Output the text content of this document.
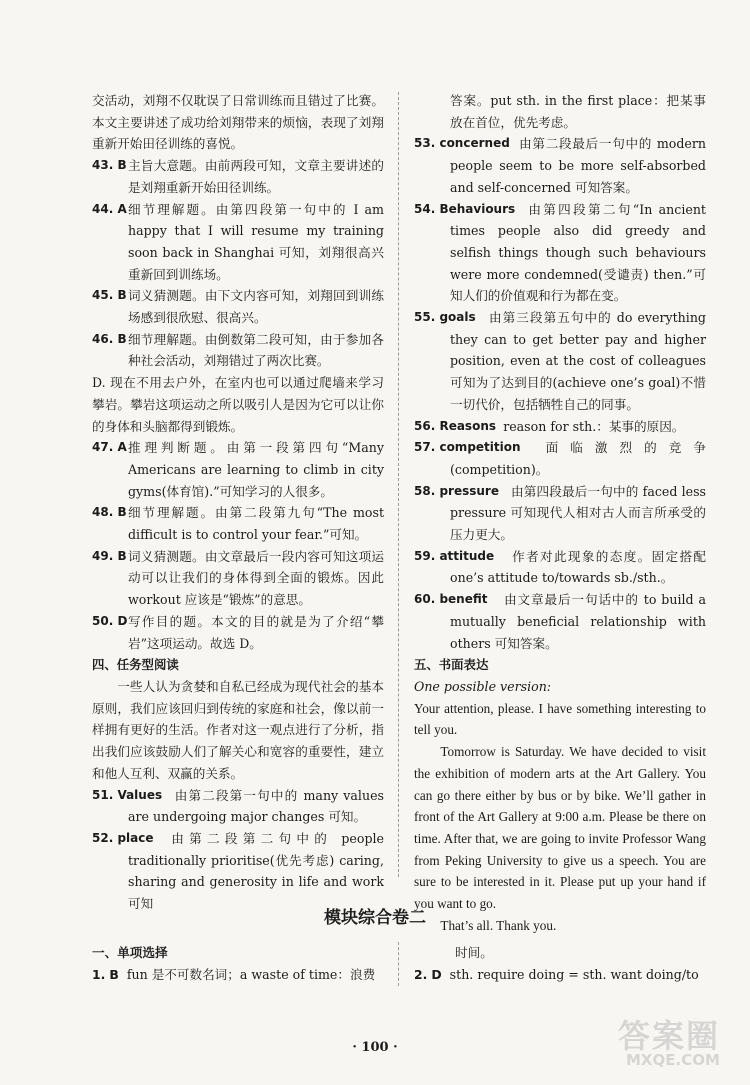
交活动，刘翔不仅耽误了日常训练而且错过了比赛。本文主要讲述了成功给刘翔带来的烦恼，表现了刘翔重新开始田径训练的喜悦。
43. B 主旨大意题。由前两段可知，文章主要讲述的是刘翔重新开始田径训练。
44. A 细节理解题。由第四段第一句中的 I am happy that I will resume my training soon back in Shanghai 可知，刘翔很高兴重新回到训练场。
45. B 词义猜测题。由下文内容可知，刘翔回到训练场感到很欣慰、很高兴。
46. B 细节理解题。由倒数第二段可知，由于参加各种社会活动，刘翔错过了两次比赛。
D. 现在不用去户外，在室内也可以通过爬墙来学习攀岩。攀岩这项运动之所以吸引人是因为它可以让你的身体和头脑都得到锻炼。
47. A 推理判断题。由第一段第四句“Many Americans are learning to climb in city gyms(体育馆).”可知学习的人很多。
48. B 细节理解题。由第二段第九句“The most difficult is to control your fear.”可知。
49. B 词义猜测题。由文章最后一段内容可知这项运动可以让我们的身体得到全面的锻炼。因此 workout 应该是“锻炼”的意思。
50. D 写作目的题。本文的目的就是为了介绍“攀岩”这项运动。故选 D。
四、任务型阅读
一些人认为贪婪和自私已经成为现代社会的基本原则，我们应该回归到传统的家庭和社会，像以前一样拥有更好的生活。作者对这一观点进行了分析，指出我们应该鼓励人们了解关心和宽容的重要性，建立和他人互利、双赢的关系。
51. Values 由第二段第一句中的 many values are undergoing major changes 可知。
52. place 由第二段第二句中的 people traditionally prioritise(优先考虑) caring, sharing and generosity in life and work 可知
答案。put sth. in the first place：把某事放在首位，优先考虑。
53. concerned 由第二段最后一句中的 modern people seem to be more self-absorbed and self-concerned 可知答案。
54. Behaviours 由第四段第二句“In ancient times people also did greedy and selfish things though such behaviours were more condemned(受谴责) then.”可知人们的价值观和行为都在变。
55. goals 由第三段第五句中的 do everything they can to get better pay and higher position, even at the cost of colleagues 可知为了达到目的(achieve one’s goal)不惜一切代价，包括牺牲自己的同事。
56. Reasons reason for sth.：某事的原因。
57. competition 面临激烈的竞争(competition)。
58. pressure 由第四段最后一句中的 faced less pressure 可知现代人相对古人而言所承受的压力更大。
59. attitude 作者对此现象的态度。固定搭配 one’s attitude to/towards sb./sth.。
60. benefit 由文章最后一句话中的 to build a mutually beneficial relationship with others 可知答案。
五、书面表达
One possible version:
Your attention, please. I have something interesting to tell you.
Tomorrow is Saturday. We have decided to visit the exhibition of modern arts at the Art Gallery. You can go there either by bus or by bike. We’ll gather in front of the Art Gallery at 9:00 a.m. Please be there on time. After that, we are going to invite Professor Wang from Peking University to give us a speech. You are sure to be interested in it. Please put up your hand if you want to go.
That’s all. Thank you.
模块综合卷二
一、单项选择
1. B fun 是不可数名词；a waste of time：浪费
时间。
2. D sth. require doing = sth. want doing/to
· 100 ·	答案圈
MXQE.COM
